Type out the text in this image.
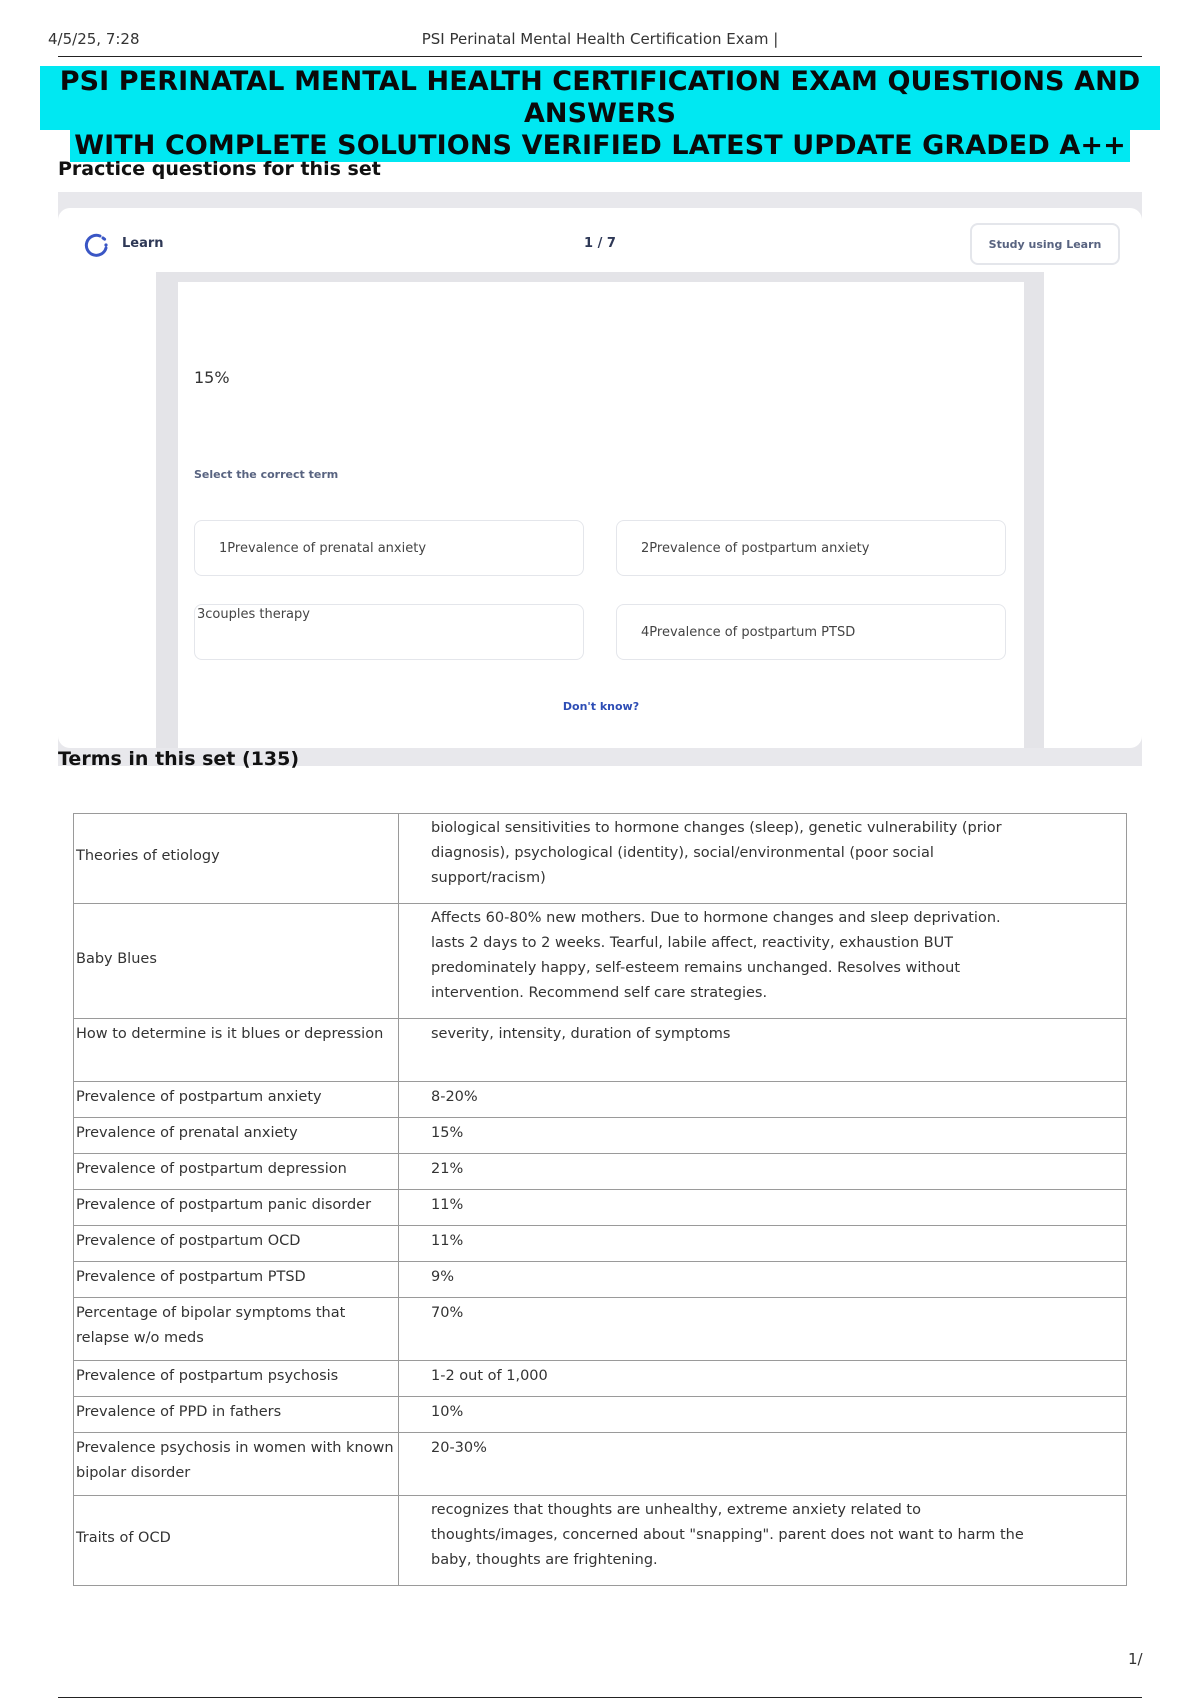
4/5/25, 7:28	PSI Perinatal Mental Health Certification Exam |
PSI PERINATAL MENTAL HEALTH CERTIFICATION EXAM QUESTIONS AND ANSWERS
WITH COMPLETE SOLUTIONS VERIFIED LATEST UPDATE GRADED A++
Practice questions for this set
Learn	1 / 7	Study using Learn
15%
Select the correct term
1Prevalence of prenatal anxiety	2Prevalence of postpartum anxiety
3couples therapy
4Prevalence of postpartum PTSD
Don't know?
Terms in this set (135)
Theories of etiology	biological sensitivities to hormone changes (sleep), genetic vulnerability (prior diagnosis), psychological (identity), social/environmental (poor social support/racism)
Baby Blues	Affects 60-80% new mothers. Due to hormone changes and sleep deprivation. lasts 2 days to 2 weeks. Tearful, labile affect, reactivity, exhaustion BUT predominately happy, self-esteem remains unchanged. Resolves without intervention. Recommend self care strategies.
How to determine is it blues or depression	severity, intensity, duration of symptoms
Prevalence of postpartum anxiety	8-20%
Prevalence of prenatal anxiety	15%
Prevalence of postpartum depression	21%
Prevalence of postpartum panic disorder	11%
Prevalence of postpartum OCD	11%
Prevalence of postpartum PTSD	9%
Percentage of bipolar symptoms that relapse w/o meds	70%
Prevalence of postpartum psychosis	1-2 out of 1,000
Prevalence of PPD in fathers	10%
Prevalence psychosis in women with known bipolar disorder	20-30%
Traits of OCD	recognizes that thoughts are unhealthy, extreme anxiety related to thoughts/images, concerned about "snapping". parent does not want to harm the baby, thoughts are frightening.
1/
